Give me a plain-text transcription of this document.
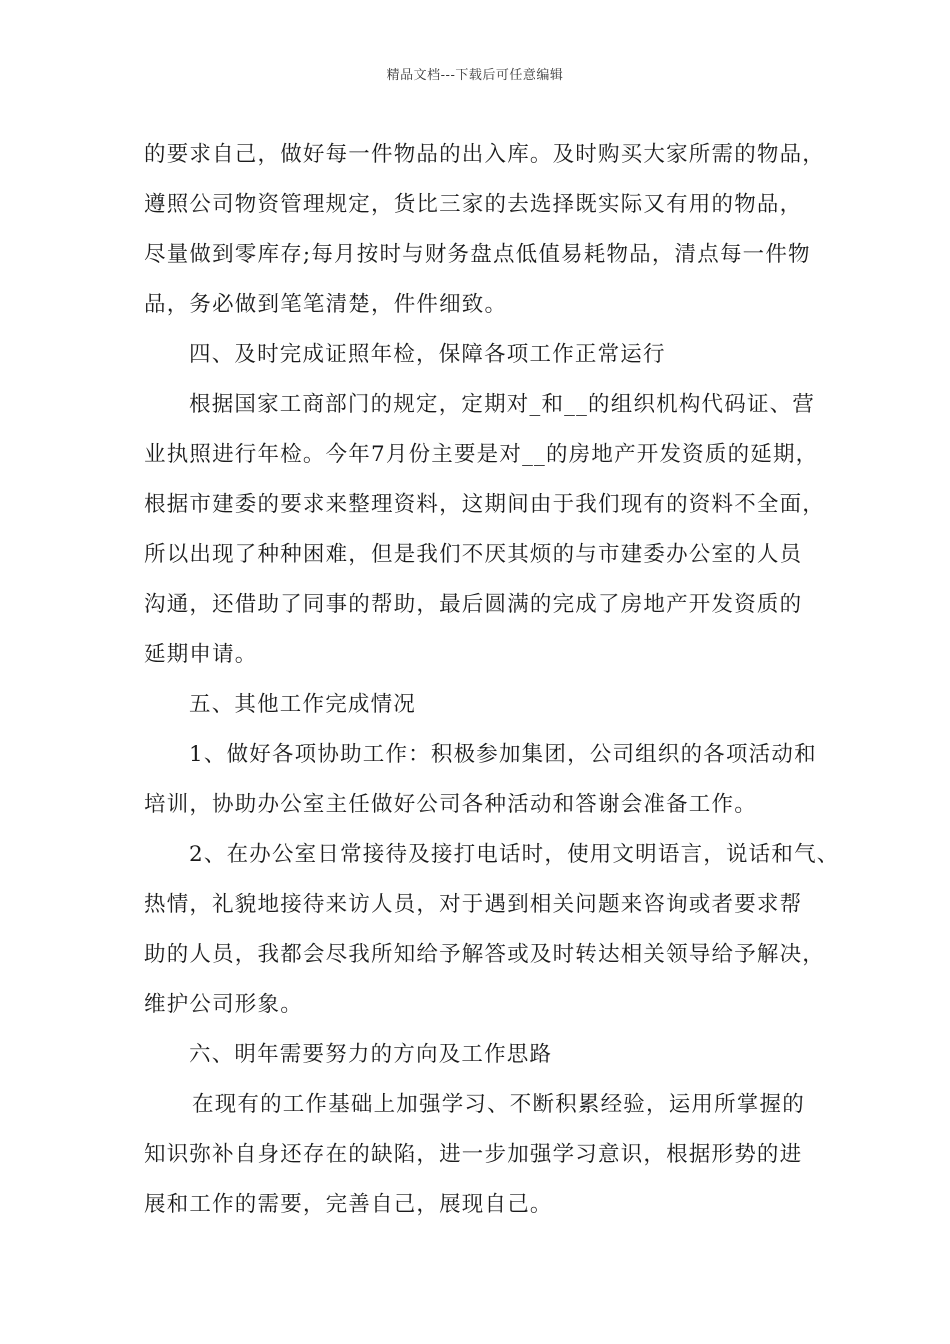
精品文档---下载后可任意编辑
的要求自己，做好每一件物品的出入库。及时购买大家所需的物品，
遵照公司物资管理规定，货比三家的去选择既实际又有用的物品，
尽量做到零库存;每月按时与财务盘点低值易耗物品，清点每一件物
品，务必做到笔笔清楚，件件细致。
四、及时完成证照年检，保障各项工作正常运行
根据国家工商部门的规定，定期对_和__的组织机构代码证、营
业执照进行年检。今年7月份主要是对__的房地产开发资质的延期，
根据市建委的要求来整理资料，这期间由于我们现有的资料不全面，
所以出现了种种困难，但是我们不厌其烦的与市建委办公室的人员
沟通，还借助了同事的帮助，最后圆满的完成了房地产开发资质的
延期申请。
五、其他工作完成情况
1、做好各项协助工作：积极参加集团，公司组织的各项活动和
培训，协助办公室主任做好公司各种活动和答谢会准备工作。
2、在办公室日常接待及接打电话时，使用文明语言，说话和气、
热情，礼貌地接待来访人员，对于遇到相关问题来咨询或者要求帮
助的人员，我都会尽我所知给予解答或及时转达相关领导给予解决，
维护公司形象。
六、明年需要努力的方向及工作思路
在现有的工作基础上加强学习、不断积累经验，运用所掌握的
知识弥补自身还存在的缺陷，进一步加强学习意识，根据形势的进
展和工作的需要，完善自己，展现自己。
